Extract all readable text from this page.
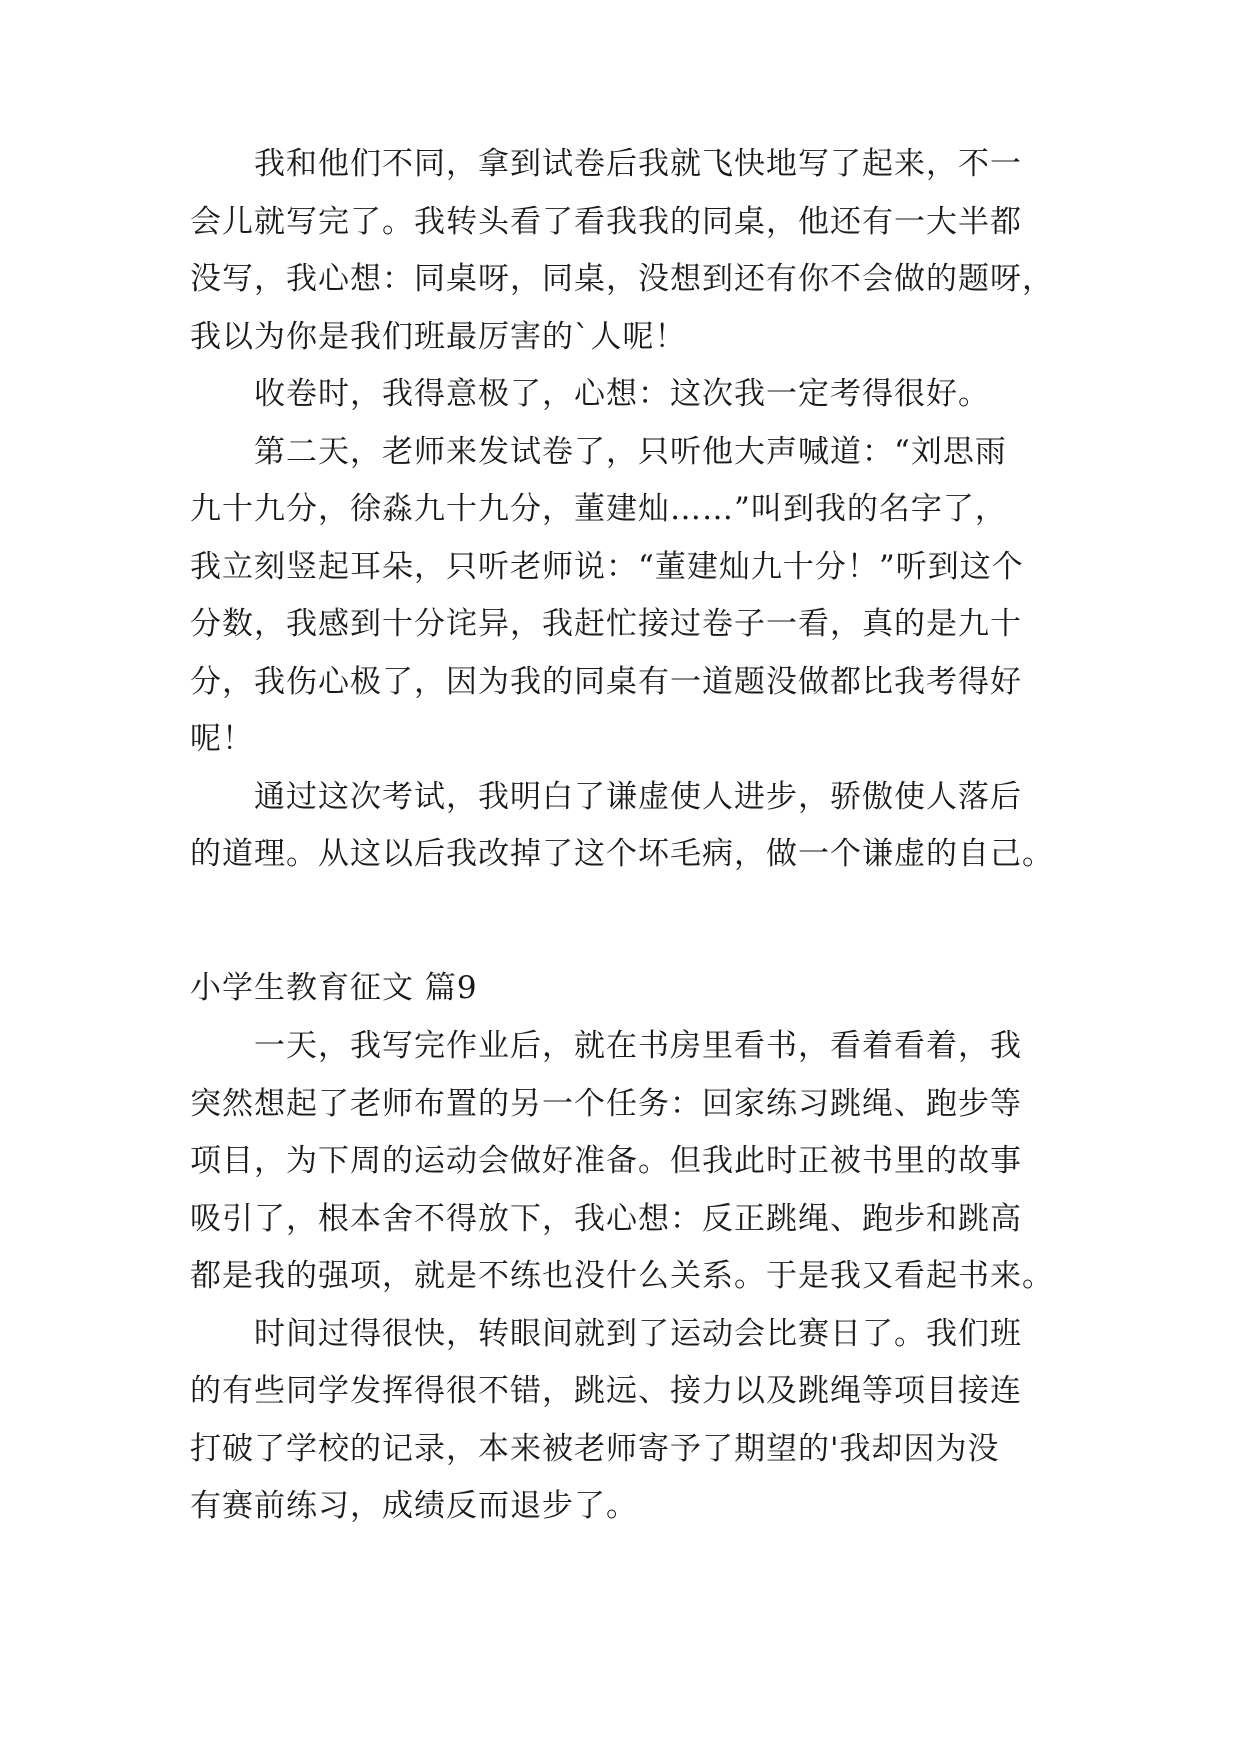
我和他们不同，拿到试卷后我就飞快地写了起来，不一
会儿就写完了。我转头看了看我我的同桌，他还有一大半都
没写，我心想：同桌呀，同桌，没想到还有你不会做的题呀，
我以为你是我们班最厉害的`人呢！
收卷时，我得意极了，心想：这次我一定考得很好。
第二天，老师来发试卷了，只听他大声喊道：“刘思雨
九十九分，徐淼九十九分，董建灿……”叫到我的名字了，
我立刻竖起耳朵，只听老师说：“董建灿九十分！”听到这个
分数，我感到十分诧异，我赶忙接过卷子一看，真的是九十
分，我伤心极了，因为我的同桌有一道题没做都比我考得好
呢！
通过这次考试，我明白了谦虚使人进步，骄傲使人落后
的道理。从这以后我改掉了这个坏毛病，做一个谦虚的自己。
小学生教育征文 篇9
一天，我写完作业后，就在书房里看书，看着看着，我
突然想起了老师布置的另一个任务：回家练习跳绳、跑步等
项目，为下周的运动会做好准备。但我此时正被书里的故事
吸引了，根本舍不得放下，我心想：反正跳绳、跑步和跳高
都是我的强项，就是不练也没什么关系。于是我又看起书来。
时间过得很快，转眼间就到了运动会比赛日了。我们班
的有些同学发挥得很不错，跳远、接力以及跳绳等项目接连
打破了学校的记录，本来被老师寄予了期望的'我却因为没
有赛前练习，成绩反而退步了。
